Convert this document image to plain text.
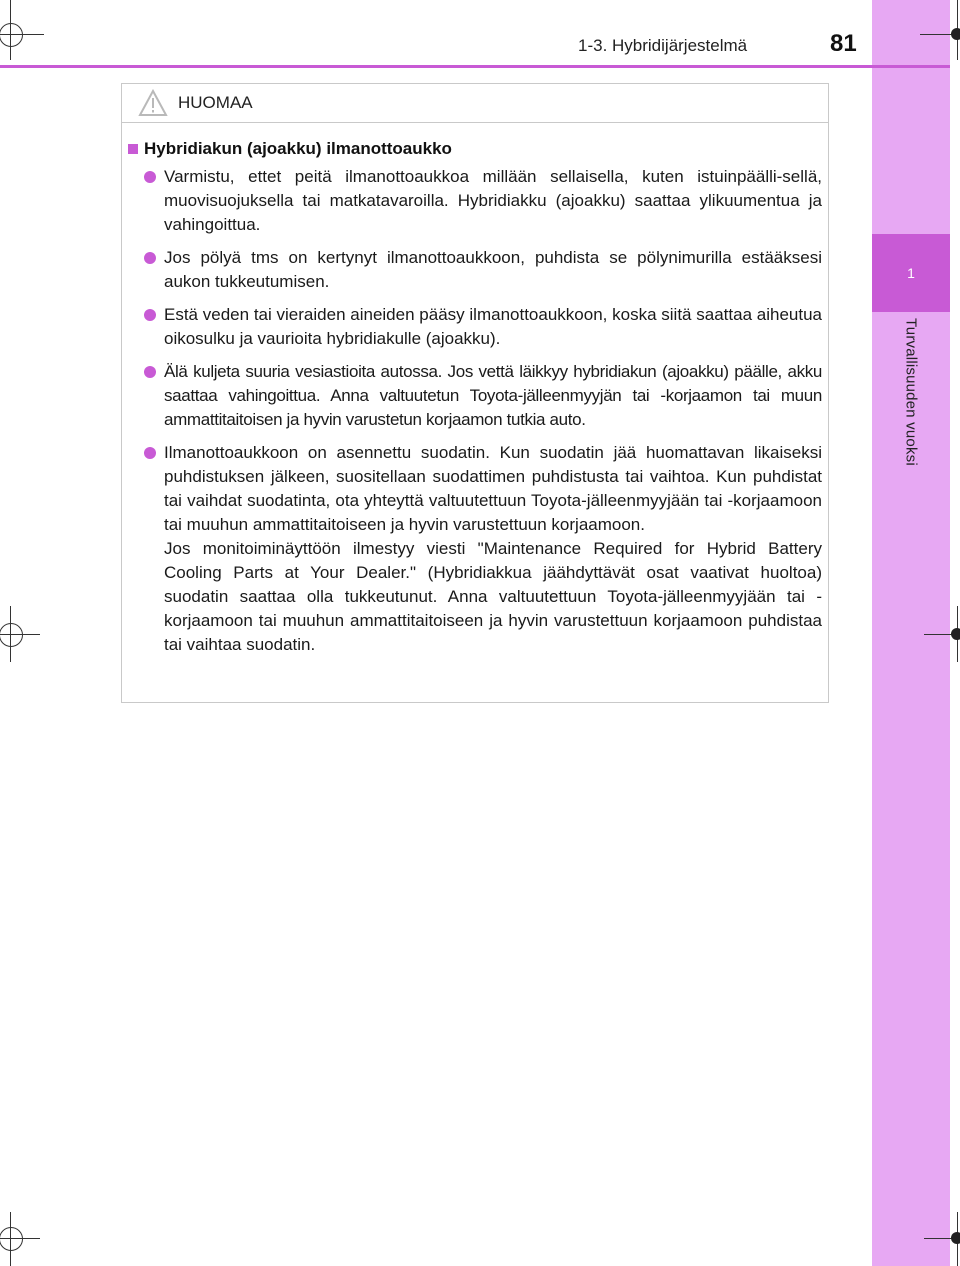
1
Turvallisuuden vuoksi
1-3. Hybridijärjestelmä	81
HUOMAA
Hybridiakun (ajoakku) ilmanottoaukko
Varmistu, ettet peitä ilmanottoaukkoa millään sellaisella, kuten istuinpäälli-sellä, muovisuojuksella tai matkatavaroilla. Hybridiakku (ajoakku) saattaa ylikuumentua ja vahingoittua.
Jos pölyä tms on kertynyt ilmanottoaukkoon, puhdista se pölynimurilla estääksesi aukon tukkeutumisen.
Estä veden tai vieraiden aineiden pääsy ilmanottoaukkoon, koska siitä saattaa aiheutua oikosulku ja vaurioita hybridiakulle (ajoakku).
Älä kuljeta suuria vesiastioita autossa. Jos vettä läikkyy hybridiakun (ajoakku) päälle, akku saattaa vahingoittua. Anna valtuutetun Toyota-jälleenmyyjän tai -korjaamon tai muun ammattitaitoisen ja hyvin varustetun korjaamon tutkia auto.
Ilmanottoaukkoon on asennettu suodatin. Kun suodatin jää huomattavan likaiseksi puhdistuksen jälkeen, suositellaan suodattimen puhdistusta tai vaihtoa. Kun puhdistat tai vaihdat suodatinta, ota yhteyttä valtuutettuun Toyota-jälleenmyyjään tai -korjaamoon tai muuhun ammattitaitoiseen ja hyvin varustettuun korjaamoon.
Jos monitoiminäyttöön ilmestyy viesti "Maintenance Required for Hybrid Battery Cooling Parts at Your Dealer." (Hybridiakkua jäähdyttävät osat vaativat huoltoa) suodatin saattaa olla tukkeutunut. Anna valtuutettuun Toyota-jälleenmyyjään tai -korjaamoon tai muuhun ammattitaitoiseen ja hyvin varustettuun korjaamoon puhdistaa tai vaihtaa suodatin.
